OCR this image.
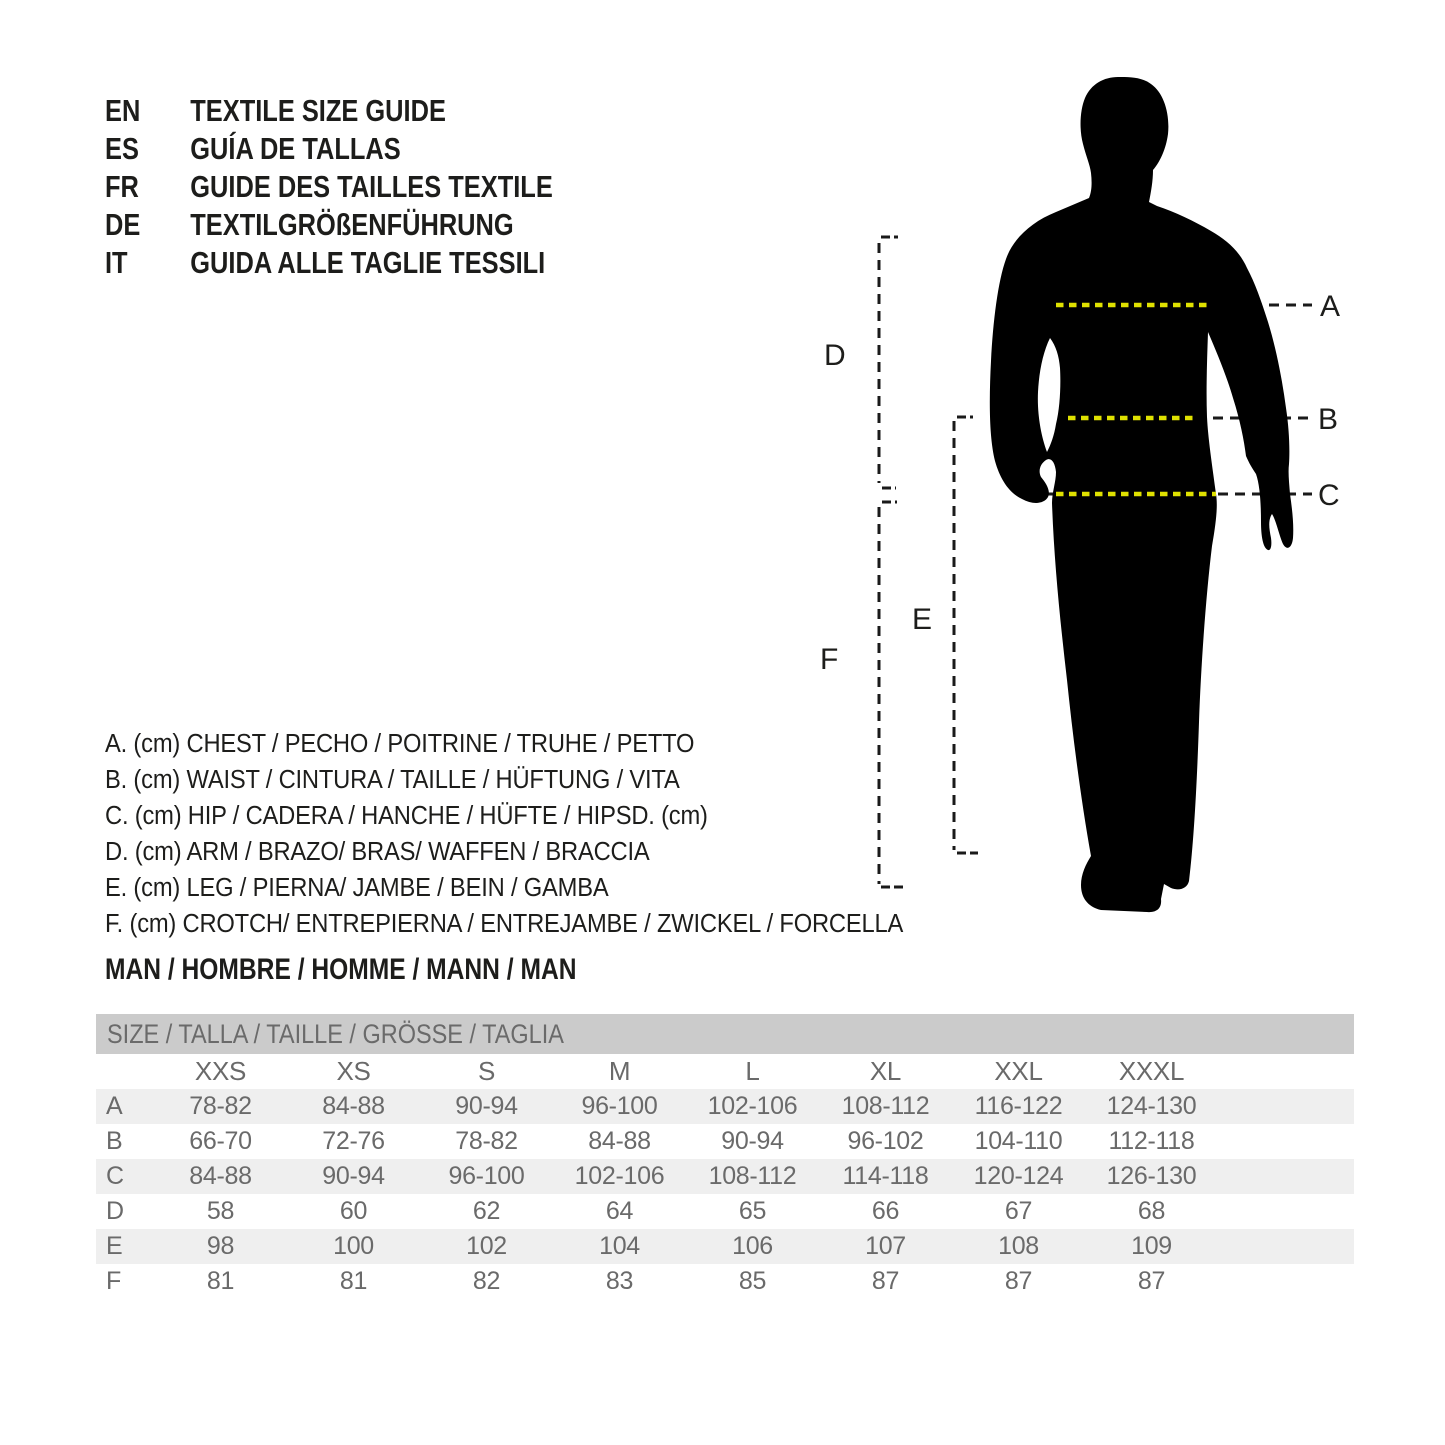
EN	TEXTILE SIZE GUIDE
ES	GUÍA DE TALLAS
FR	GUIDE DES TAILLES TEXTILE
DE	TEXTILGRÖßENFÜHRUNG
IT	GUIDA ALLE TAGLIE TESSILI
A
B
C
D
E
F
A. (cm) CHEST / PECHO / POITRINE / TRUHE / PETTO
B. (cm) WAIST / CINTURA / TAILLE / HÜFTUNG / VITA
C. (cm) HIP / CADERA / HANCHE / HÜFTE / HIPSD. (cm)
D. (cm) ARM / BRAZO/ BRAS/ WAFFEN / BRACCIA
E. (cm) LEG / PIERNA/ JAMBE / BEIN / GAMBA
F. (cm) CROTCH/ ENTREPIERNA / ENTREJAMBE / ZWICKEL / FORCELLA
MAN / HOMBRE / HOMME / MANN / MAN
SIZE / TALLA / TAILLE / GRÖSSE / TAGLIA
XXS	XS	S	M	L	XL	XXL	XXXL
A	78-82	84-88	90-94	96-100	102-106	108-112	116-122	124-130
B	66-70	72-76	78-82	84-88	90-94	96-102	104-110	112-118
C	84-88	90-94	96-100	102-106	108-112	114-118	120-124	126-130
D	58	60	62	64	65	66	67	68
E	98	100	102	104	106	107	108	109
F	81	81	82	83	85	87	87	87
